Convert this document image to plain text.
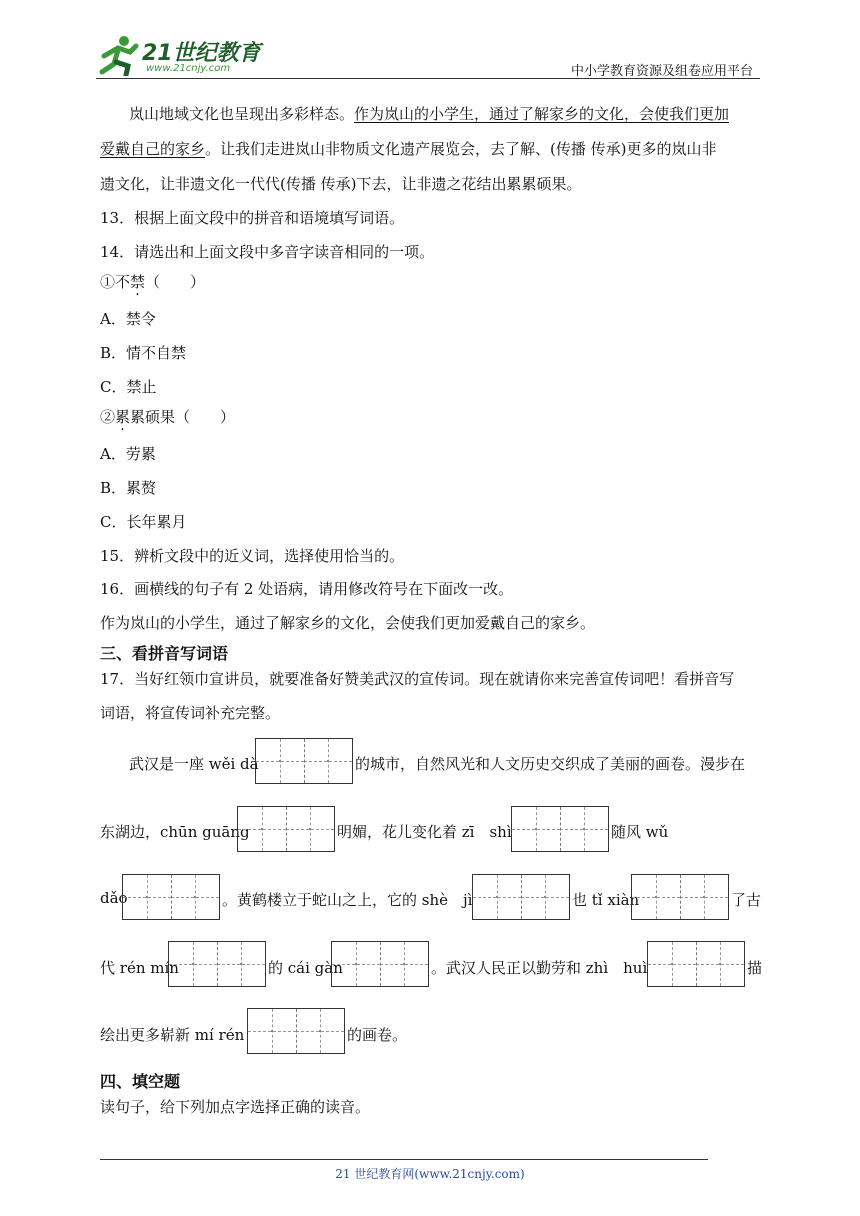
21世纪教育
www.21cnjy.com	中小学教育资源及组卷应用平台
岚山地域文化也呈现出多彩样态。作为岚山的小学生，通过了解家乡的文化，会使我们更加
爱戴自己的家乡。让我们走进岚山非物质文化遗产展览会，去了解、(传播 传承)更多的岚山非
遗文化，让非遗文化一代代(传播 传承)下去，让非遗之花结出累累硕果。
13．根据上面文段中的拼音和语境填写词语。
14．请选出和上面文段中多音字读音相同的一项。
①不禁（　　）
A．禁令
B．情不自禁
C．禁止
②累累硕果（　　）
A．劳累
B．累赘
C．长年累月
15．辨析文段中的近义词，选择使用恰当的。
16．画横线的句子有 2 处语病，请用修改符号在下面改一改。
作为岚山的小学生，通过了解家乡的文化，会使我们更加爱戴自己的家乡。
三、看拼音写词语
17．当好红领巾宣讲员，就要准备好赞美武汉的宣传词。现在就请你来完善宣传词吧！看拼音写
词语，将宣传词补充完整。
武汉是一座 wěi dà	的城市，自然风光和人文历史交织成了美丽的画卷。漫步在
东湖边，chūn guāng	明媚，花儿变化着 zī　shì	随风 wǔ
dǎo	。黄鹤楼立于蛇山之上，它的 shè　jì	也 tǐ xiàn	了古
代 rén mín	的 cái gàn	。武汉人民正以勤劳和 zhì　huì	描
绘出更多崭新 mí rén	的画卷。
四、填空题
读句子，给下列加点字选择正确的读音。
21 世纪教育网(www.21cnjy.com)
